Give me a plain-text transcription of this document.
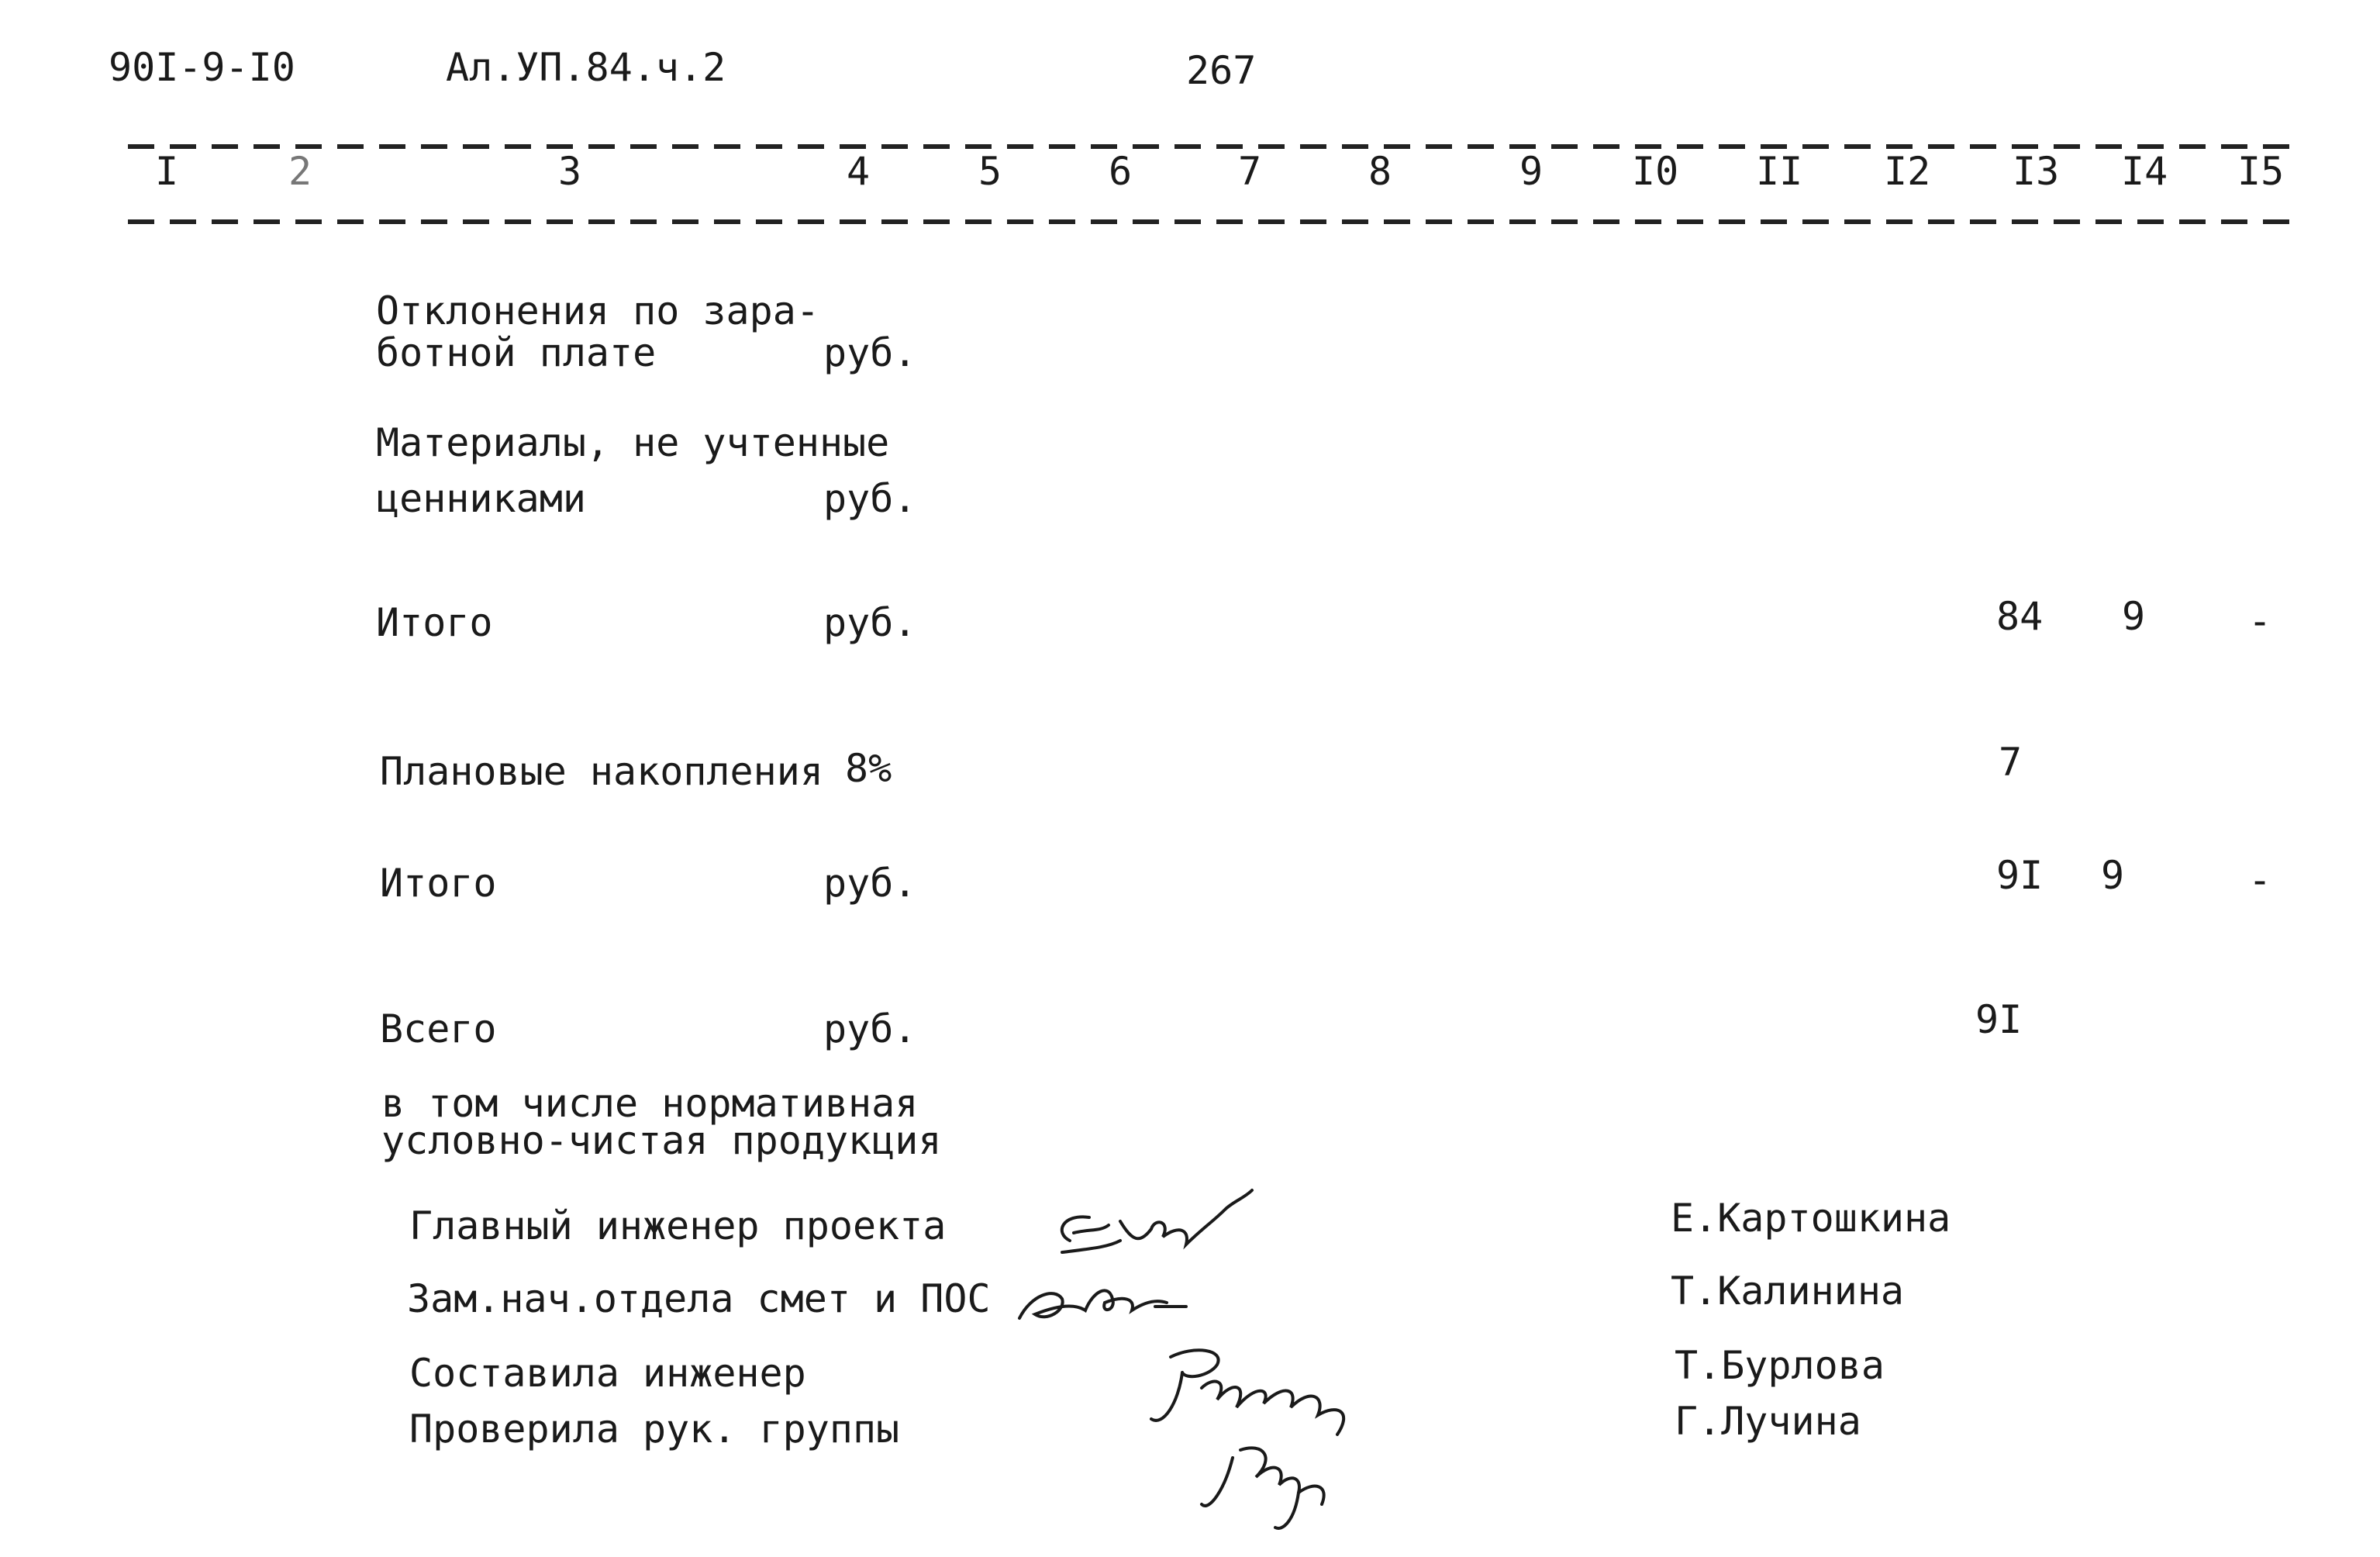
90I-9-I0	Ал.УП.84.ч.2	267
I	2	3	4	5	6	7	8	9 I0 II I2 I3 I4 I5
Отклонения по зара-
ботной плате	руб.
Материалы, не учтенные
ценниками	руб.
Итого	руб.	84 9	-
Плановые накопления 8%	7
Итого	руб.	9I 9	-
Всего	руб.	9I
в том числе нормативная
условно-чистая продукция
Главный инженер проекта	Е.Картошкина
Зам.нач.отдела смет и ПОС	Т.Калинина
Составила инженер	Т.Бурлова
Проверила рук. группы	Г.Лучина
